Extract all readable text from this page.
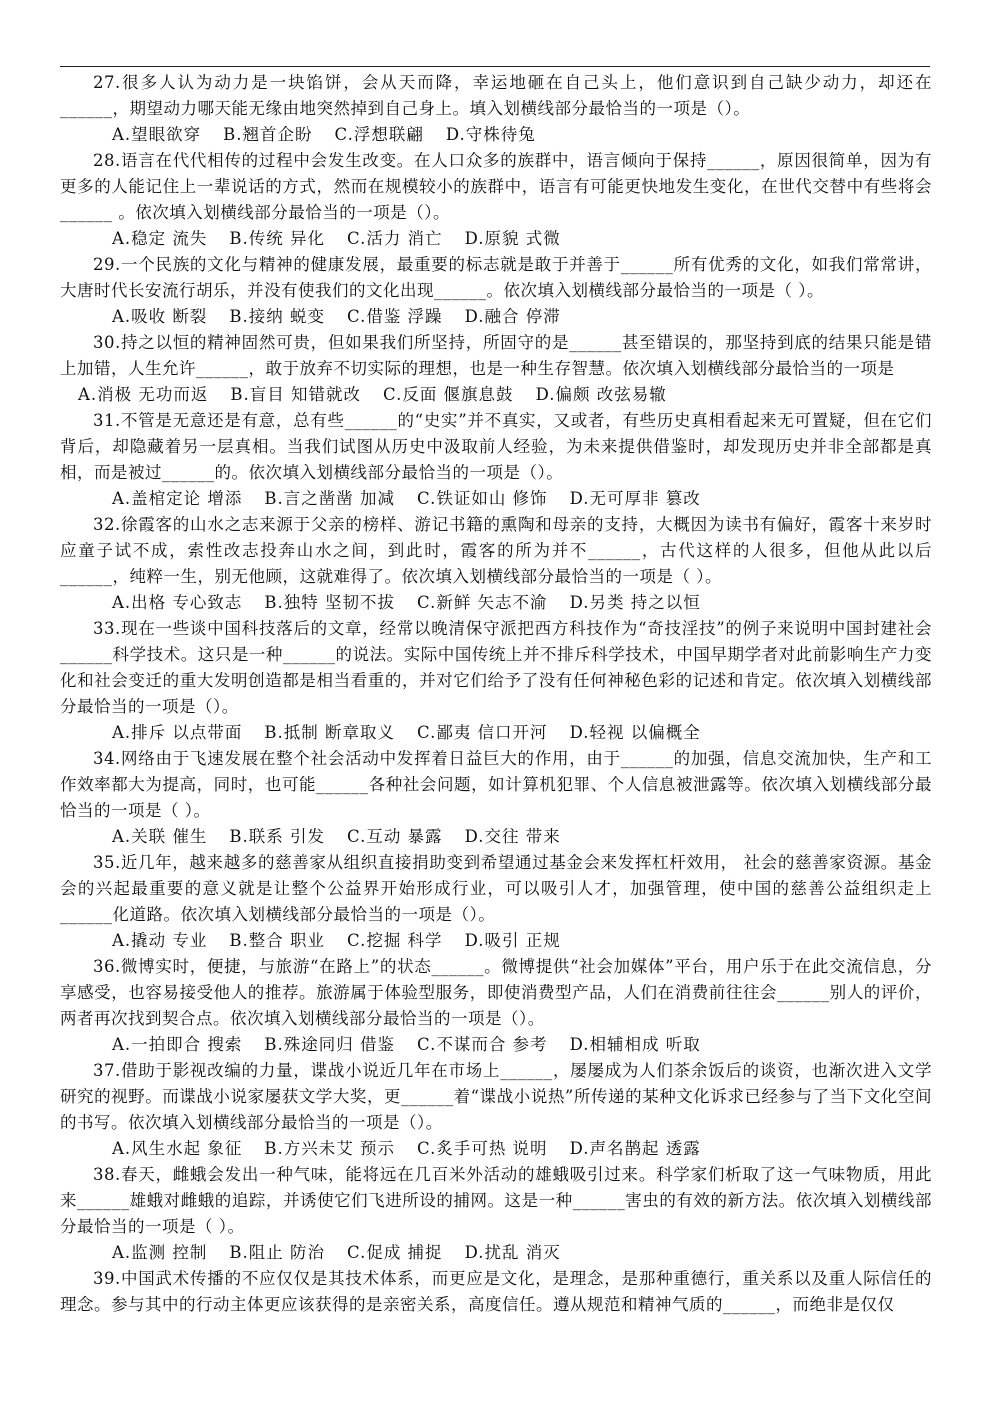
27.很多人认为动力是一块馅饼，会从天而降，幸运地砸在自己头上，他们意识到自己缺少动力，却还在______，期望动力哪天能无缘由地突然掉到自己身上。填入划横线部分最恰当的一项是（）。

A.望眼欲穿 B.翘首企盼 C.浮想联翩 D.守株待兔

28.语言在代代相传的过程中会发生改变。在人口众多的族群中，语言倾向于保持______，原因很简单，因为有更多的人能记住上一辈说话的方式，然而在规模较小的族群中，语言有可能更快地发生变化，在世代交替中有些将会______ 。依次填入划横线部分最恰当的一项是（）。

A.稳定 流失 B.传统 异化 C.活力 消亡 D.原貌 式微

29.一个民族的文化与精神的健康发展，最重要的标志就是敢于并善于______所有优秀的文化，如我们常常讲，大唐时代长安流行胡乐，并没有使我们的文化出现______。依次填入划横线部分最恰当的一项是（ ）。

A.吸收 断裂 B.接纳 蜕变 C.借鉴 浮躁 D.融合 停滞

30.持之以恒的精神固然可贵，但如果我们所坚持，所固守的是______甚至错误的，那坚持到底的结果只能是错上加错，人生允许______，敢于放弃不切实际的理想，也是一种生存智慧。依次填入划横线部分最恰当的一项是

A.消极 无功而返 B.盲目 知错就改 C.反面 偃旗息鼓 D.偏颇 改弦易辙

31.不管是无意还是有意，总有些______的“史实”并不真实，又或者，有些历史真相看起来无可置疑，但在它们背后，却隐藏着另一层真相。当我们试图从历史中汲取前人经验，为未来提供借鉴时，却发现历史并非全部都是真相，而是被过______的。依次填入划横线部分最恰当的一项是（）。

A.盖棺定论 增添 B.言之凿凿 加减 C.铁证如山 修饰 D.无可厚非 篡改

32.徐霞客的山水之志来源于父亲的榜样、游记书籍的熏陶和母亲的支持，大概因为读书有偏好，霞客十来岁时应童子试不成，索性改志投奔山水之间，到此时，霞客的所为并不______，古代这样的人很多，但他从此以后______，纯粹一生，别无他顾，这就难得了。依次填入划横线部分最恰当的一项是（ ）。

A.出格 专心致志 B.独特 坚韧不拔 C.新鲜 矢志不渝 D.另类 持之以恒

33.现在一些谈中国科技落后的文章，经常以晚清保守派把西方科技作为“奇技淫技”的例子来说明中国封建社会______科学技术。这只是一种______的说法。实际中国传统上并不排斥科学技术，中国早期学者对此前影响生产力变化和社会变迁的重大发明创造都是相当看重的，并对它们给予了没有任何神秘色彩的记述和肯定。依次填入划横线部分最恰当的一项是（）。

A.排斥 以点带面 B.抵制 断章取义 C.鄙夷 信口开河 D.轻视 以偏概全

34.网络由于飞速发展在整个社会活动中发挥着日益巨大的作用，由于______的加强，信息交流加快，生产和工作效率都大为提高，同时，也可能______各种社会问题，如计算机犯罪、个人信息被泄露等。依次填入划横线部分最恰当的一项是（ ）。

A.关联 催生 B.联系 引发 C.互动 暴露 D.交往 带来

35.近几年，越来越多的慈善家从组织直接捐助变到希望通过基金会来发挥杠杆效用， 社会的慈善家资源。基金会的兴起最重要的意义就是让整个公益界开始形成行业，可以吸引人才，加强管理，使中国的慈善公益组织走上______化道路。依次填入划横线部分最恰当的一项是（）。

A.撬动 专业 B.整合 职业 C.挖掘 科学 D.吸引 正规

36.微博实时，便捷，与旅游“在路上”的状态______。微博提供“社会加媒体”平台，用户乐于在此交流信息，分享感受，也容易接受他人的推荐。旅游属于体验型服务，即使消费型产品，人们在消费前往往会______别人的评价，两者再次找到契合点。依次填入划横线部分最恰当的一项是（）。

A.一拍即合 搜索 B.殊途同归 借鉴 C.不谋而合 参考 D.相辅相成 听取

37.借助于影视改编的力量，谍战小说近几年在市场上______，屡屡成为人们茶余饭后的谈资，也渐次进入文学研究的视野。而谍战小说家屡获文学大奖，更______着“谍战小说热”所传递的某种文化诉求已经参与了当下文化空间的书写。依次填入划横线部分最恰当的一项是（）。

A.风生水起 象征 B.方兴未艾 预示 C.炙手可热 说明 D.声名鹊起 透露

38.春天，雌蛾会发出一种气味，能将远在几百米外活动的雄蛾吸引过来。科学家们析取了这一气味物质，用此来______雄蛾对雌蛾的追踪，并诱使它们飞进所设的捕网。这是一种______害虫的有效的新方法。依次填入划横线部分最恰当的一项是（ ）。

A.监测 控制 B.阻止 防治 C.促成 捕捉 D.扰乱 消灭

39.中国武术传播的不应仅仅是其技术体系，而更应是文化，是理念，是那种重德行，重关系以及重人际信任的理念。参与其中的行动主体更应该获得的是亲密关系，高度信任。遵从规范和精神气质的______，而绝非是仅仅
